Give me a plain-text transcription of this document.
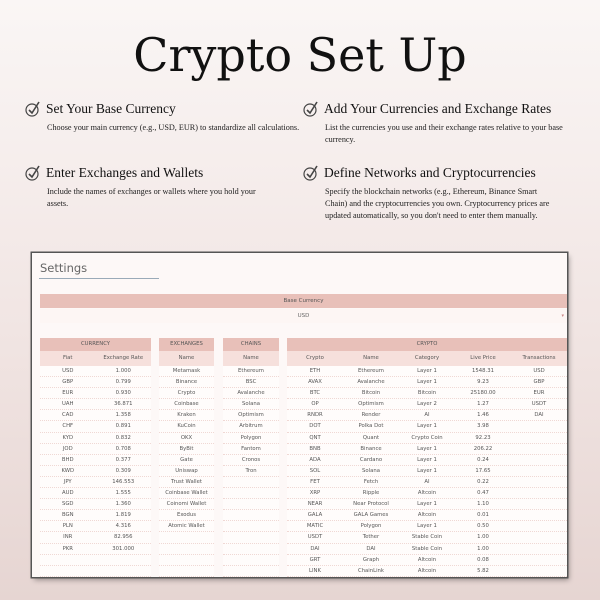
Crypto Set Up
Set Your Base Currency

Choose your main currency (e.g., USD, EUR) to standardize all calculations.

Add Your Currencies and Exchange Rates

List the currencies you use and their exchange rates relative to your base currency.

Enter Exchanges and Wallets

Include the names of exchanges or wallets where you hold your assets.

Define Networks and Cryptocurrencies

Specify the blockchain networks (e.g., Ethereum, Binance Smart Chain) and the cryptocurrencies you own. Cryptocurrency prices are updated automatically, so you don't need to enter them manually.

Settings
Base Currency
USD	▾
CURRENCY
Fiat	Exchange Rate
USD	1.000
GBP	0.799
EUR	0.930
UAH	36.871
CAD	1.358
CHF	0.891
KYD	0.832
JOD	0.708
BHD	0.377
KWD	0.309
JPY	146.553
AUD	1.555
SGD	1.360
BGN	1.819
PLN	4.316
INR	82.956
PKR	301.000
EXCHANGES
Name
Metamask
Binance
Crypto
Coinbase
Kraken
KuCoin
OKX
ByBit
Gate
Uniswap
Trust Wallet
Coinbase Wallet
Coinomi Wallet
Exodus
Atomic Wallet
CHAINS
Name
Ethereum
BSC
Avalanche
Solana
Optimism
Arbitrum
Polygon
Fantom
Cronos
Tron
CRYPTO
Crypto	Name	Category	Live Price	Transactions
ETH	Ethereum	Layer 1	1548.31	USD
AVAX	Avalanche	Layer 1	9.23	GBP
BTC	Bitcoin	Bitcoin	25180.00	EUR
OP	Optimism	Layer 2	1.27	USDT
RNDR	Render	AI	1.46	DAI
DOT	Polka Dot	Layer 1	3.98
QNT	Quant	Crypto Coin	92.23
BNB	Binance	Layer 1	206.22
ADA	Cardano	Layer 1	0.24
SOL	Solana	Layer 1	17.65
FET	Fetch	AI	0.22
XRP	Ripple	Altcoin	0.47
NEAR	Near Protocol	Layer 1	1.10
GALA	GALA Games	Altcoin	0.01
MATIC	Polygon	Layer 1	0.50
USDT	Tether	Stable Coin	1.00
DAI	DAI	Stable Coin	1.00
GRT	Graph	Altcoin	0.08
LINK	ChainLink	Altcoin	5.82
